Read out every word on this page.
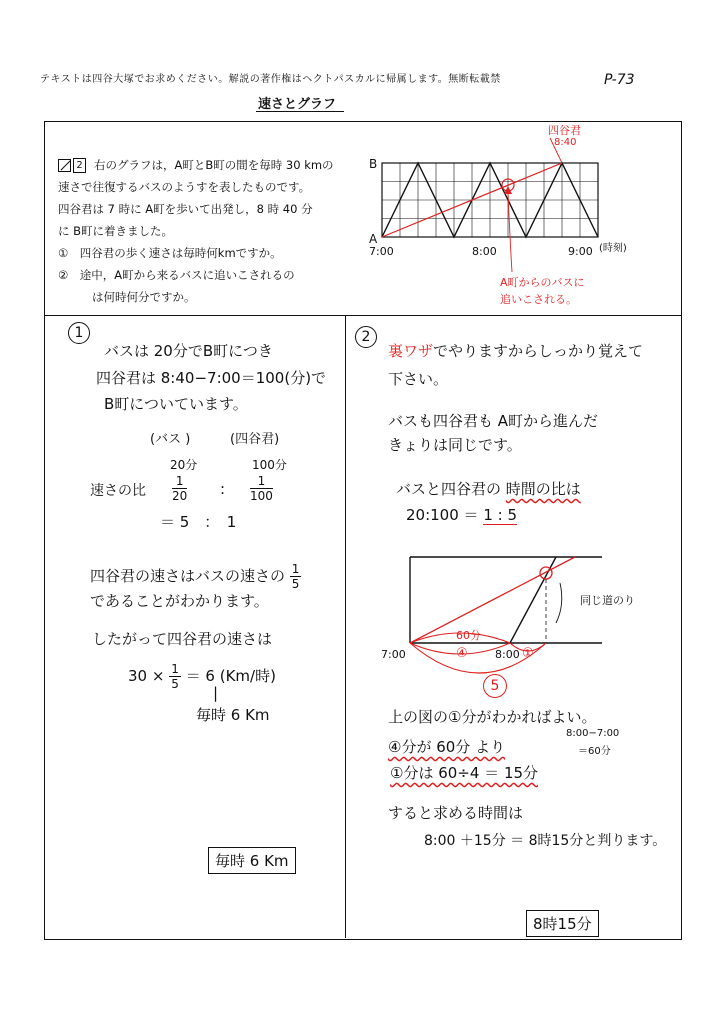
テキストは四谷大塚でお求めください。解説の著作権はヘクトパスカルに帰属します。無断転載禁	P-73
速さとグラフ
2 右のグラフは，A町とB町の間を毎時 30 kmの
速さで往復するバスのようすを表したものです。
四谷君は 7 時に A町を歩いて出発し，8 時 40 分
に B町に着きました。
①　四谷君の歩く速さは毎時何kmですか。
②　途中，A町から来るバスに追いこされるの
は何時何分ですか。
B
A
7:00	8:00	9:00 (時刻)
四谷君
8:40
A町からのバスに
追いこされる。
1
バスは 20分でB町につき
四谷君は 8:40−7:00＝100(分)で
B町についています。
(バス )	(四谷君)
20分	100分
速さの比 $\frac{1}{20}$ : $\frac{1}{100}$
＝ 5　：　1
四谷君の速さはバスの速さの $\frac{1}{5}$
であることがわかります。
したがって四谷君の速さは
$30 \times \frac{1}{5} = 6$ (Km/時)
|
毎時 6 Km
毎時 6 Km
2
裏ワザでやりますからしっかり覚えて
下さい。
バスも四谷君も A町から進んだ
きょりは同じです。
バスと四谷君の 時間の比は
20:100 ＝ 1 : 5
同じ道のり
60分
7:00	8:00
④	①
5
上の図の①分がわかればよい。
④分が 60分 より
8:00−7:00
＝60分
①分は 60÷4 ＝ 15分
すると求める時間は
8:00 ＋15分 ＝ 8時15分と判ります。
8時15分
